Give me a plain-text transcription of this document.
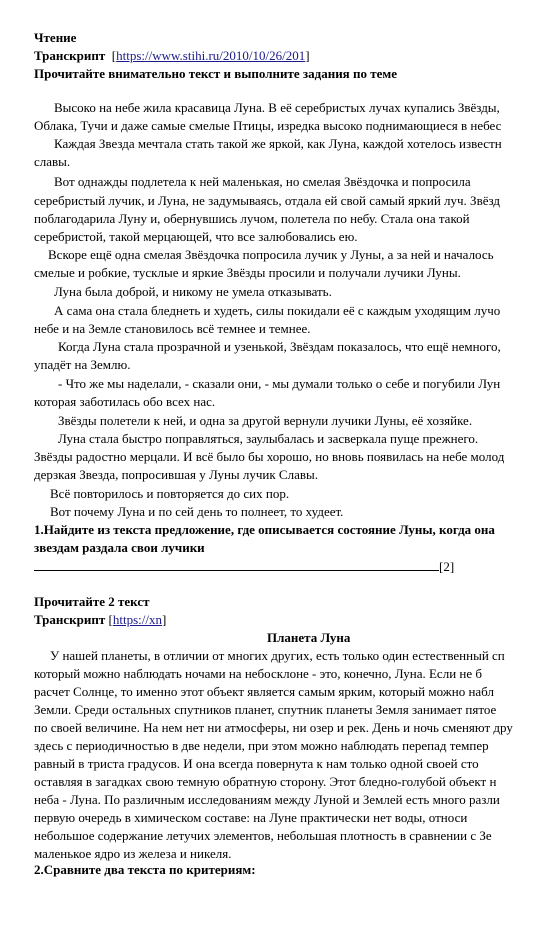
Чтение
Транскрипт  [https://www.stihi.ru/2010/10/26/201]
Прочитайте внимательно текст и выполните задания по теме
Высоко на небе жила красавица Луна. В её серебристых лучах купались Звёзды,
Облака, Тучи и даже самые смелые Птицы, изредка высоко поднимающиеся в небес
Каждая Звезда мечтала стать такой же яркой, как Луна, каждой хотелось известн
славы.
Вот однажды подлетела к ней маленькая, но смелая Звёздочка и попросила
серебристый лучик, и Луна, не задумываясь, отдала ей свой самый яркий луч. Звёзд
поблагодарила Луну и, обернувшись лучом, полетела по небу. Стала она такой
серебристой, такой мерцающей, что все залюбовались ею.
Вскоре ещё одна смелая Звёздочка попросила лучик у Луны, а за ней и началось
смелые и робкие, тусклые и яркие Звёзды просили и получали лучики Луны.
Луна была доброй, и никому не умела отказывать.
А сама она стала бледнеть и худеть, силы покидали её с каждым уходящим лучо
небе и на Земле становилось всё темнее и темнее.
Когда Луна стала прозрачной и узенькой, Звёздам показалось, что ещё немного,
упадёт на Землю.
- Что же мы наделали, - сказали они, - мы думали только о себе и погубили Лун
которая заботилась обо всех нас.
Звёзды полетели к ней, и одна за другой вернули лучики Луны, её хозяйке.
Луна стала быстро поправляться, заулыбалась и засверкала пуще прежнего.
Звёзды радостно мерцали. И всё было бы хорошо, но вновь появилась на небе молод
дерзкая Звезда, попросившая у Луны лучик Славы.
Всё повторилось и повторяется до сих пор.
Вот почему Луна и по сей день то полнеет, то худеет.
1.Найдите из текста предложение, где описывается состояние Луны, когда она
звездам раздала свои лучики
[2]
Прочитайте 2 текст
Транскрипт [https://xn]
Планета Луна
У нашей планеты, в отличии от многих других, есть только один естественный сп
который можно наблюдать ночами на небосклоне - это, конечно, Луна. Если не б
расчет Солнце, то именно этот объект является самым ярким, который можно набл
Земли. Среди остальных спутников планет, спутник планеты Земля занимает пятое
по своей величине. На нем нет ни атмосферы, ни озер и рек. День и ночь сменяют дру
здесь с периодичностью в две недели, при этом можно наблюдать перепад темпер
равный в триста градусов. И она всегда повернута к нам только одной своей сто
оставляя в загадках свою темную обратную сторону. Этот бледно-голубой объект н
неба - Луна. По различным исследованиям между Луной и Землей есть много разли
первую очередь в химическом составе: на Луне практически нет воды, относи
небольшое содержание летучих элементов, небольшая плотность в сравнении с Зе
маленькое ядро из железа и никеля.
2.Сравните два текста по критериям:
